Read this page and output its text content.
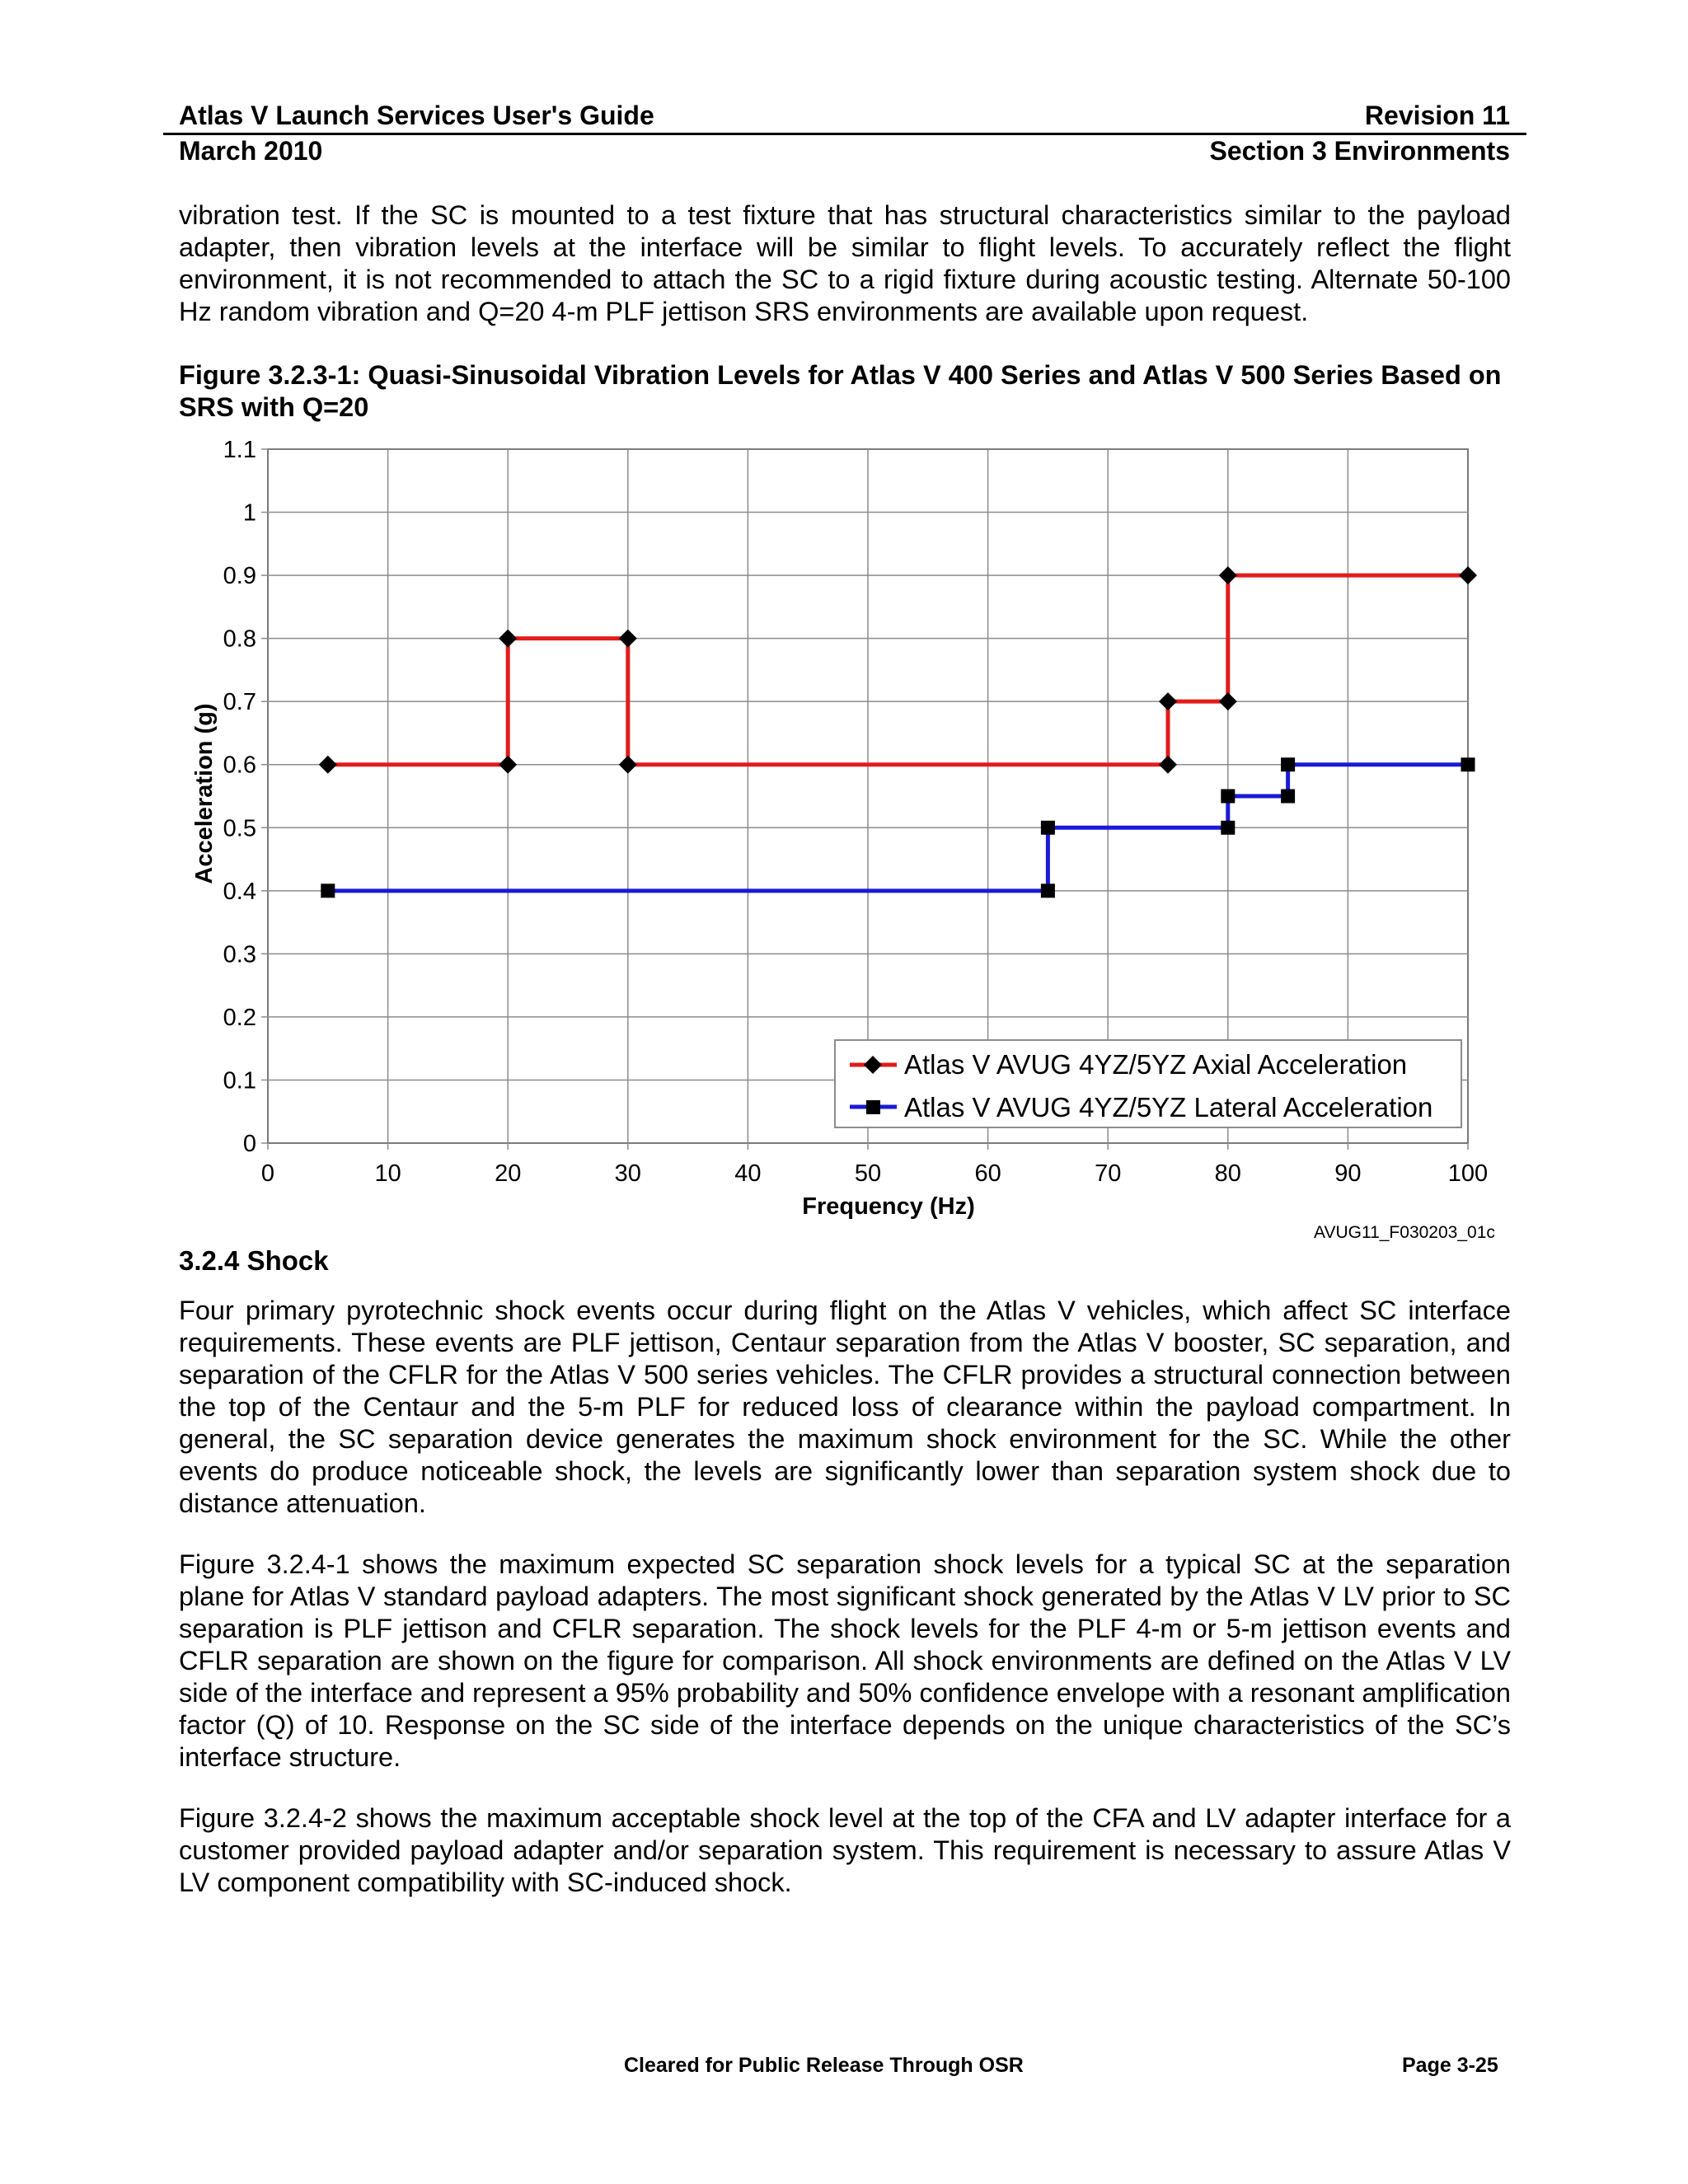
Atlas V Launch Services User's Guide	Revision 11
March 2010	Section 3 Environments

vibration test. If the SC is mounted to a test fixture that has structural characteristics similar to the payload adapter, then vibration levels at the interface will be similar to flight levels. To accurately reflect the flight environment, it is not recommended to attach the SC to a rigid fixture during acoustic testing. Alternate 50-100 Hz random vibration and Q=20 4-m PLF jettison SRS environments are available upon request.

Figure 3.2.3-1: Quasi-Sinusoidal Vibration Levels for Atlas V 400 Series and Atlas V 500 Series Based on SRS with Q=20

0	10	20	30	40	50	60	70	80	90	100
0
0.1
0.2
0.3
0.4
0.5
0.6
0.7
0.8
0.9
1
1.1
Frequency (Hz)
Acceleration (g)
Atlas V AVUG 4YZ/5YZ Axial Acceleration
Atlas V AVUG 4YZ/5YZ Lateral Acceleration
AVUG11_F030203_01c
3.2.4 Shock

Four primary pyrotechnic shock events occur during flight on the Atlas V vehicles, which affect SC interface requirements. These events are PLF jettison, Centaur separation from the Atlas V booster, SC separation, and separation of the CFLR for the Atlas V 500 series vehicles. The CFLR provides a structural connection between the top of the Centaur and the 5-m PLF for reduced loss of clearance within the payload compartment. In general, the SC separation device generates the maximum shock environment for the SC. While the other events do produce noticeable shock, the levels are significantly lower than separation system shock due to distance attenuation.

Figure 3.2.4-1 shows the maximum expected SC separation shock levels for a typical SC at the separation plane for Atlas V standard payload adapters. The most significant shock generated by the Atlas V LV prior to SC separation is PLF jettison and CFLR separation. The shock levels for the PLF 4-m or 5-m jettison events and CFLR separation are shown on the figure for comparison. All shock environments are defined on the Atlas V LV side of the interface and represent a 95% probability and 50% confidence envelope with a resonant amplification factor (Q) of 10. Response on the SC side of the interface depends on the unique characteristics of the SC’s interface structure.

Figure 3.2.4-2 shows the maximum acceptable shock level at the top of the CFA and LV adapter interface for a customer provided payload adapter and/or separation system. This requirement is necessary to assure Atlas V LV component compatibility with SC-induced shock.

Cleared for Public Release Through OSR	Page 3-25
